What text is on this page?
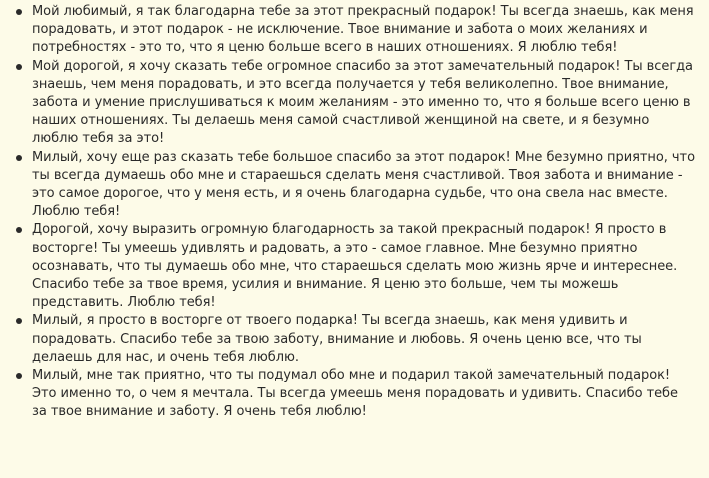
Мой любимый, я так благодарна тебе за этот прекрасный подарок! Ты всегда знаешь, как меня порадовать, и этот подарок - не исключение. Твое внимание и забота о моих желаниях и потребностях - это то, что я ценю больше всего в наших отношениях. Я люблю тебя!
Мой дорогой, я хочу сказать тебе огромное спасибо за этот замечательный подарок! Ты всегда знаешь, чем меня порадовать, и это всегда получается у тебя великолепно. Твое внимание, забота и умение прислушиваться к моим желаниям - это именно то, что я больше всего ценю в наших отношениях. Ты делаешь меня самой счастливой женщиной на свете, и я безумно люблю тебя за это!
Милый, хочу еще раз сказать тебе большое спасибо за этот подарок! Мне безумно приятно, что ты всегда думаешь обо мне и стараешься сделать меня счастливой. Твоя забота и внимание - это самое дорогое, что у меня есть, и я очень благодарна судьбе, что она свела нас вместе. Люблю тебя!
Дорогой, хочу выразить огромную благодарность за такой прекрасный подарок! Я просто в восторге! Ты умеешь удивлять и радовать, а это - самое главное. Мне безумно приятно осознавать, что ты думаешь обо мне, что стараешься сделать мою жизнь ярче и интереснее. Спасибо тебе за твое время, усилия и внимание. Я ценю это больше, чем ты можешь представить. Люблю тебя!
Милый, я просто в восторге от твоего подарка! Ты всегда знаешь, как меня удивить и порадовать. Спасибо тебе за твою заботу, внимание и любовь. Я очень ценю все, что ты делаешь для нас, и очень тебя люблю.
Милый, мне так приятно, что ты подумал обо мне и подарил такой замечательный подарок! Это именно то, о чем я мечтала. Ты всегда умеешь меня порадовать и удивить. Спасибо тебе за твое внимание и заботу. Я очень тебя люблю!
